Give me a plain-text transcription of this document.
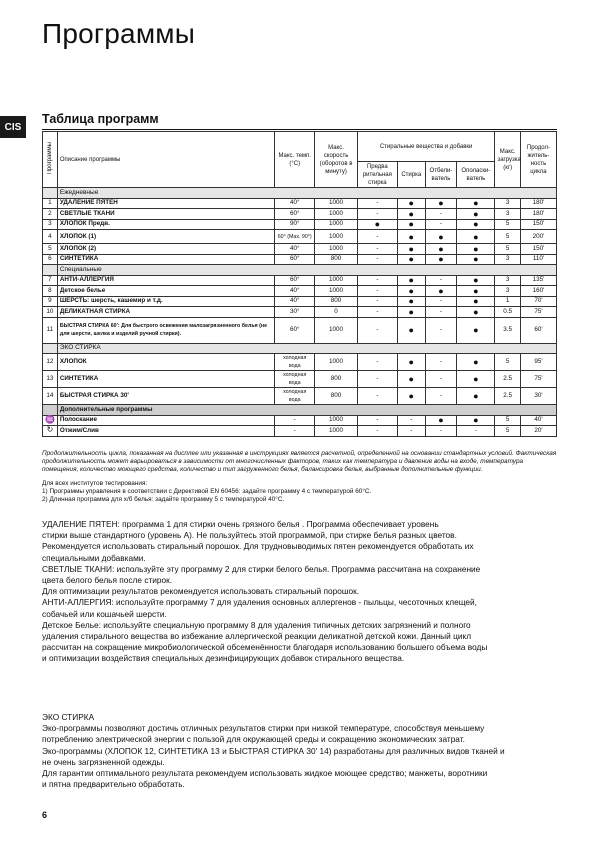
Программы
CIS
Таблица программ
Программы	Описание программы	Макс. темп. (°C)	Макс. скорость (оборотов в минуту)	Стиральные вещества и добавки				Макс. загрузка (кг)	Продол- житель- ность цикла
				Предва рительная стирка	Стирка	Отбели- ватель	Ополаски- ватель		
	Ежедневные								
1	УДАЛЕНИЕ ПЯТЕН	40°	1000	-	●	●	●	3	180'
2	СВЕТЛЫЕ ТКАНИ	60°	1000	-	●	-	●	3	180'
3	ХЛОПОК Предв.	90°	1000	●	●	-	●	5	150'
4	ХЛОПОК (1)	60° (Max. 90°)	1000	-	●	●	●	5	200'
5	ХЛОПОК (2)	40°	1000	-	●	●	●	5	150'
6	СИНТЕТИКА	60°	800	-	●	●	●	3	110'
	Специальные								
7	АНТИ-АЛЛЕРГИЯ	60°	1000	-	●	-	●	3	135'
8	Детское белье	40°	1000	-	●	●	●	3	160'
9	ШЕРСТЬ: шерсть, кашемир и т.д.	40°	800	-	●	-	●	1	70'
10	ДЕЛИКАТНАЯ СТИРКА	30°	0	-	●	-	●	0.5	75'
11	БЫСТРАЯ СТИРКА 60': Для быстрого освежения малозагрязненного белья (не для шерсти, шелка и изделий ручной стирки).	60°	1000	-	●	-	●	3.5	60'
	ЭКО СТИРКА								
12	ХЛОПОК	холодная вода	1000	-	●	-	●	5	95'
13	СИНТЕТИКА	холодная вода	800	-	●	-	●	2.5	75'
14	БЫСТРАЯ СТИРКА 30'	холодная вода	800	-	●	-	●	2.5	30'
	Дополнительные программы								
♒	Полоскание	-	1000	-	-	●	●	5	40'
↻	Отжим/Слив	-	1000	-	-	-	-	5	20'
Продолжительность цикла, показанная на дисплее или указанная в инструкциях является расчетной, определенной на основании стандартных условий. Фактическая продолжительность может варьироваться в зависимости от многочисленных факторов, таких как температура и давление воды на входе, температура помещения, количество моющего средства, количество и тип загруженного белья, балансировка белья, выбранные дополнительные функции.
Для всех институтов тестирования:
1) Программы управления в соответствии с Директивой EN 60456: задайте программу 4 с температурой 60°C.
2) Длинная программа для х/б белья: задайте программу 5 с температурой 40°C.

УДАЛЕНИЕ ПЯТЕН: программа 1 для стирки очень грязного белья . Программа обеспечивает уровень

стирки выше стандартного (уровень А). Не пользуйтесь этой программой, при стирке белья разных цветов.

Рекомендуется использовать стиральный порошок. Для трудновыводимых пятен рекомендуется обработать их

специальными добавками.

СВЕТЛЫЕ ТКАНИ: используйте эту программу 2 для стирки белого белья. Программа рассчитана на сохранение

цвета белого белья после стирок.

Для оптимизации результатов рекомендуется использовать стиральный порошок.

АНТИ-АЛЛЕРГИЯ: используйте программу 7 для удаления основных аллергенов - пыльцы, чесоточных клещей,

собачьей или кошачьей шерсти.

Детское Белье: используйте специальную программу 8 для удаления типичных детских загрязнений и полного

удаления стирального вещества во избежание аллергической реакции деликатной детской кожи. Данный цикл

рассчитан на сокращение микробиологической обсеменённости благодаря использованию большего объема воды

и оптимизации воздействия специальных дезинфицирующих добавок стирального вещества.

ЭКО СТИРКА

Эко-программы позволяют достичь отличных результатов стирки при низкой температуре, способствуя меньшему

потреблению электрической энергии с пользой для окружающей среды и сокращению экономических затрат.

Эко-программы (ХЛОПОК 12, СИНТЕТИКА 13 и БЫСТРАЯ СТИРКА 30' 14) разработаны для различных видов тканей и

не очень загрязненной одежды.

Для гарантии оптимального результата рекомендуем использовать жидкое моющее средство; манжеты, воротники

и пятна предварительно обработать.

6
